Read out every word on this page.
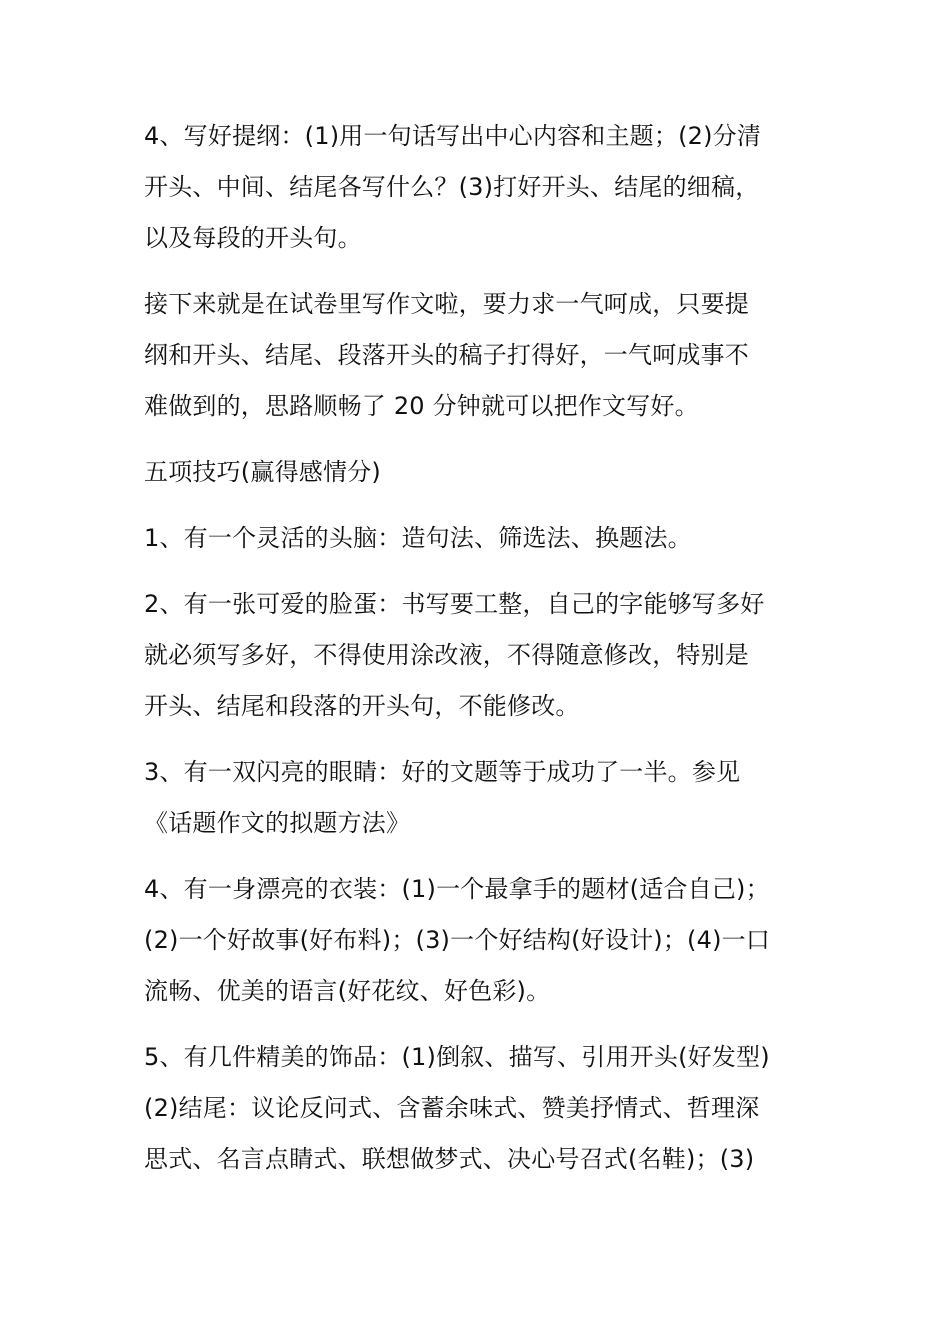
4、写好提纲：(1)用一句话写出中心内容和主题；(2)分清
开头、中间、结尾各写什么？(3)打好开头、结尾的细稿，
以及每段的开头句。

接下来就是在试卷里写作文啦，要力求一气呵成，只要提
纲和开头、结尾、段落开头的稿子打得好，一气呵成事不
难做到的，思路顺畅了 20 分钟就可以把作文写好。

五项技巧(赢得感情分)

1、有一个灵活的头脑：造句法、筛选法、换题法。

2、有一张可爱的脸蛋：书写要工整，自己的字能够写多好
就必须写多好，不得使用涂改液，不得随意修改，特别是
开头、结尾和段落的开头句，不能修改。

3、有一双闪亮的眼睛：好的文题等于成功了一半。参见
《话题作文的拟题方法》

4、有一身漂亮的衣装：(1)一个最拿手的题材(适合自己)；
(2)一个好故事(好布料)；(3)一个好结构(好设计)；(4)一口
流畅、优美的语言(好花纹、好色彩)。

5、有几件精美的饰品：(1)倒叙、描写、引用开头(好发型)
(2)结尾：议论反问式、含蓄余味式、赞美抒情式、哲理深
思式、名言点睛式、联想做梦式、决心号召式(名鞋)；(3)
